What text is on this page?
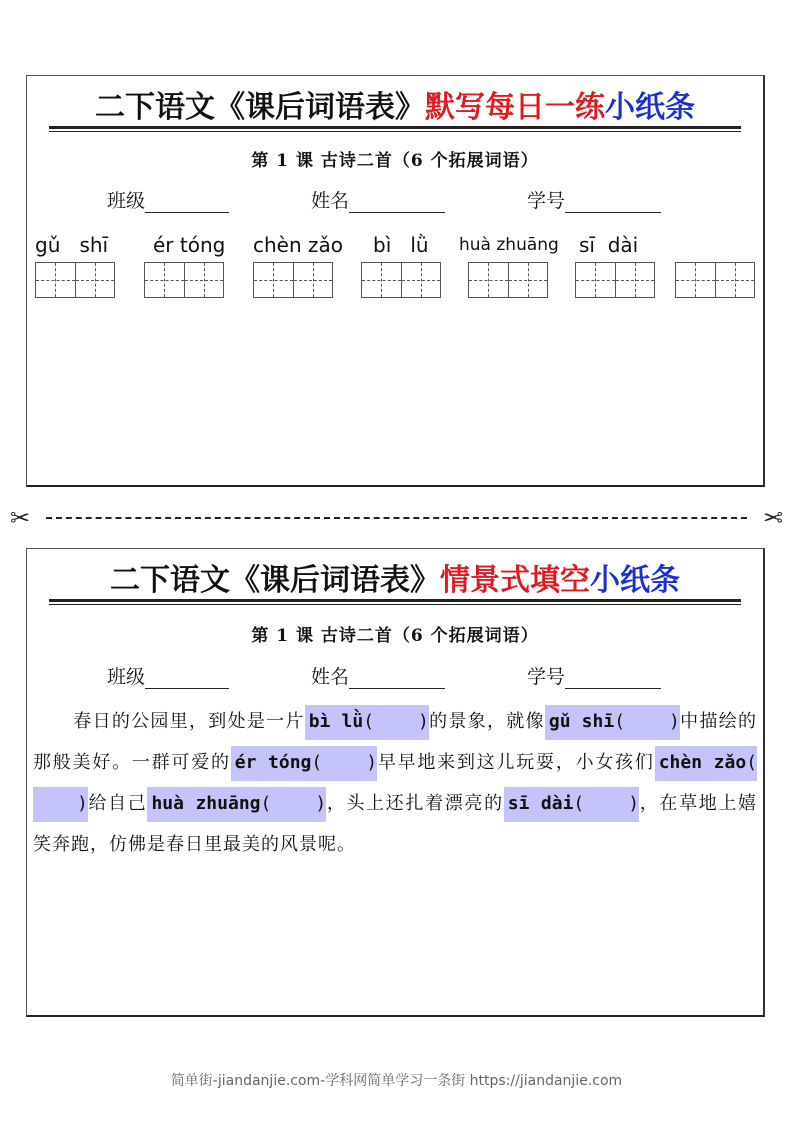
二下语文《课后词语表》默写每日一练小纸条
第 1 课 古诗二首（6 个拓展词语）
班级	姓名	学号
gǔ   shī ér tóng chèn zǎo bì   lǜ huà zhuāng sī  dài
✂	✂
二下语文《课后词语表》情景式填空小纸条
第 1 课 古诗二首（6 个拓展词语）
班级	姓名	学号
春日的公园里，到处是一片 bì lǜ( )的景象，就像 gǔ shī( )中描绘的那般美好。一群可爱的 ér tóng( )早早地来到这儿玩耍，小女孩们 chèn zǎo()给自己 huà zhuāng( )，头上还扎着漂亮的 sī dài( )，在草地上嬉笑奔跑，仿佛是春日里最美的风景呢。
简单街-jiandanjie.com-学科网简单学习一条街 https://jiandanjie.com
